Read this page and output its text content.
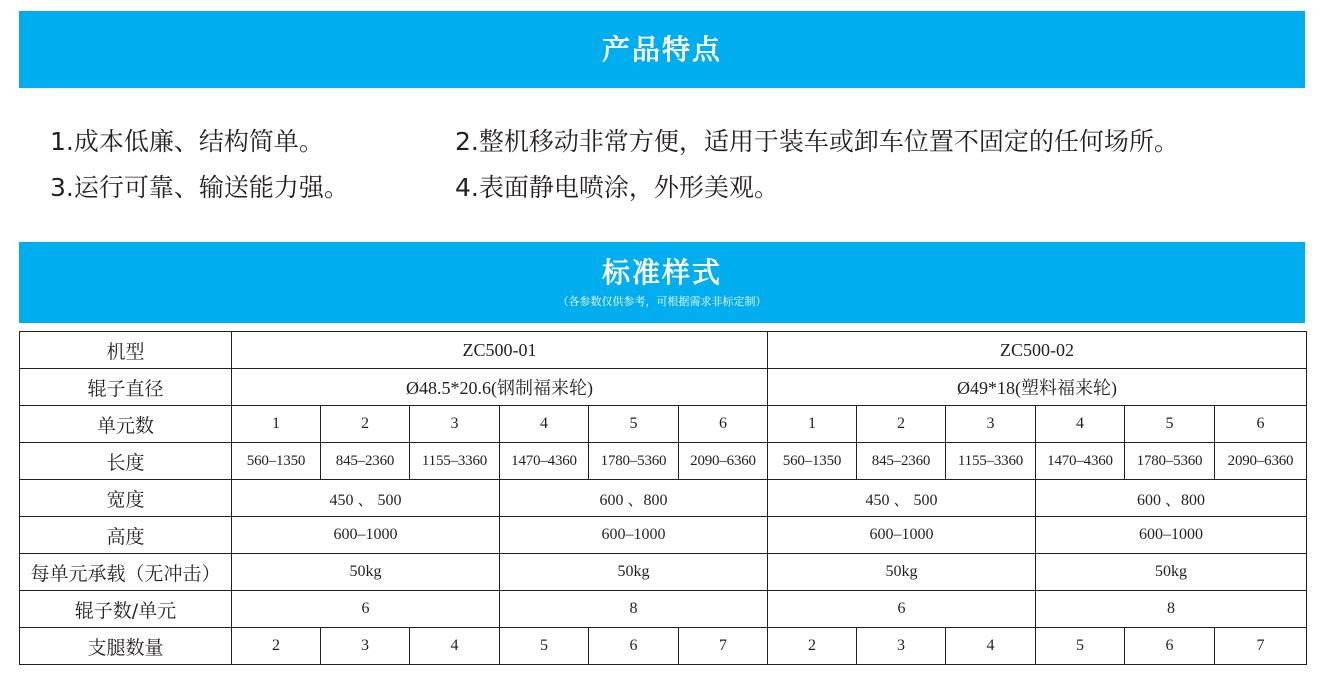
产品特点
1.成本低廉、结构简单。	2.整机移动非常方便，适用于装车或卸车位置不固定的任何场所。
3.运行可靠、输送能力强。	4.表面静电喷涂，外形美观。
标准样式
（各参数仅供参考，可根据需求非标定制）
机型	ZC500-01						ZC500-02					
辊子直径	Ø48.5*20.6(钢制福来轮)						Ø49*18(塑料福来轮)					
单元数	1	2	3	4	5	6	1	2	3	4	5	6
长度	560–1350	845–2360	1155–3360	1470–4360	1780–5360	2090–6360	560–1350	845–2360	1155–3360	1470–4360	1780–5360	2090–6360
宽度	450 、 500			600 、800			450 、 500			600 、800		
高度	600–1000			600–1000			600–1000			600–1000		
每单元承载（无冲击）	50kg			50kg			50kg			50kg		
辊子数/单元	6			8			6			8		
支腿数量	2	3	4	5	6	7	2	3	4	5	6	7
